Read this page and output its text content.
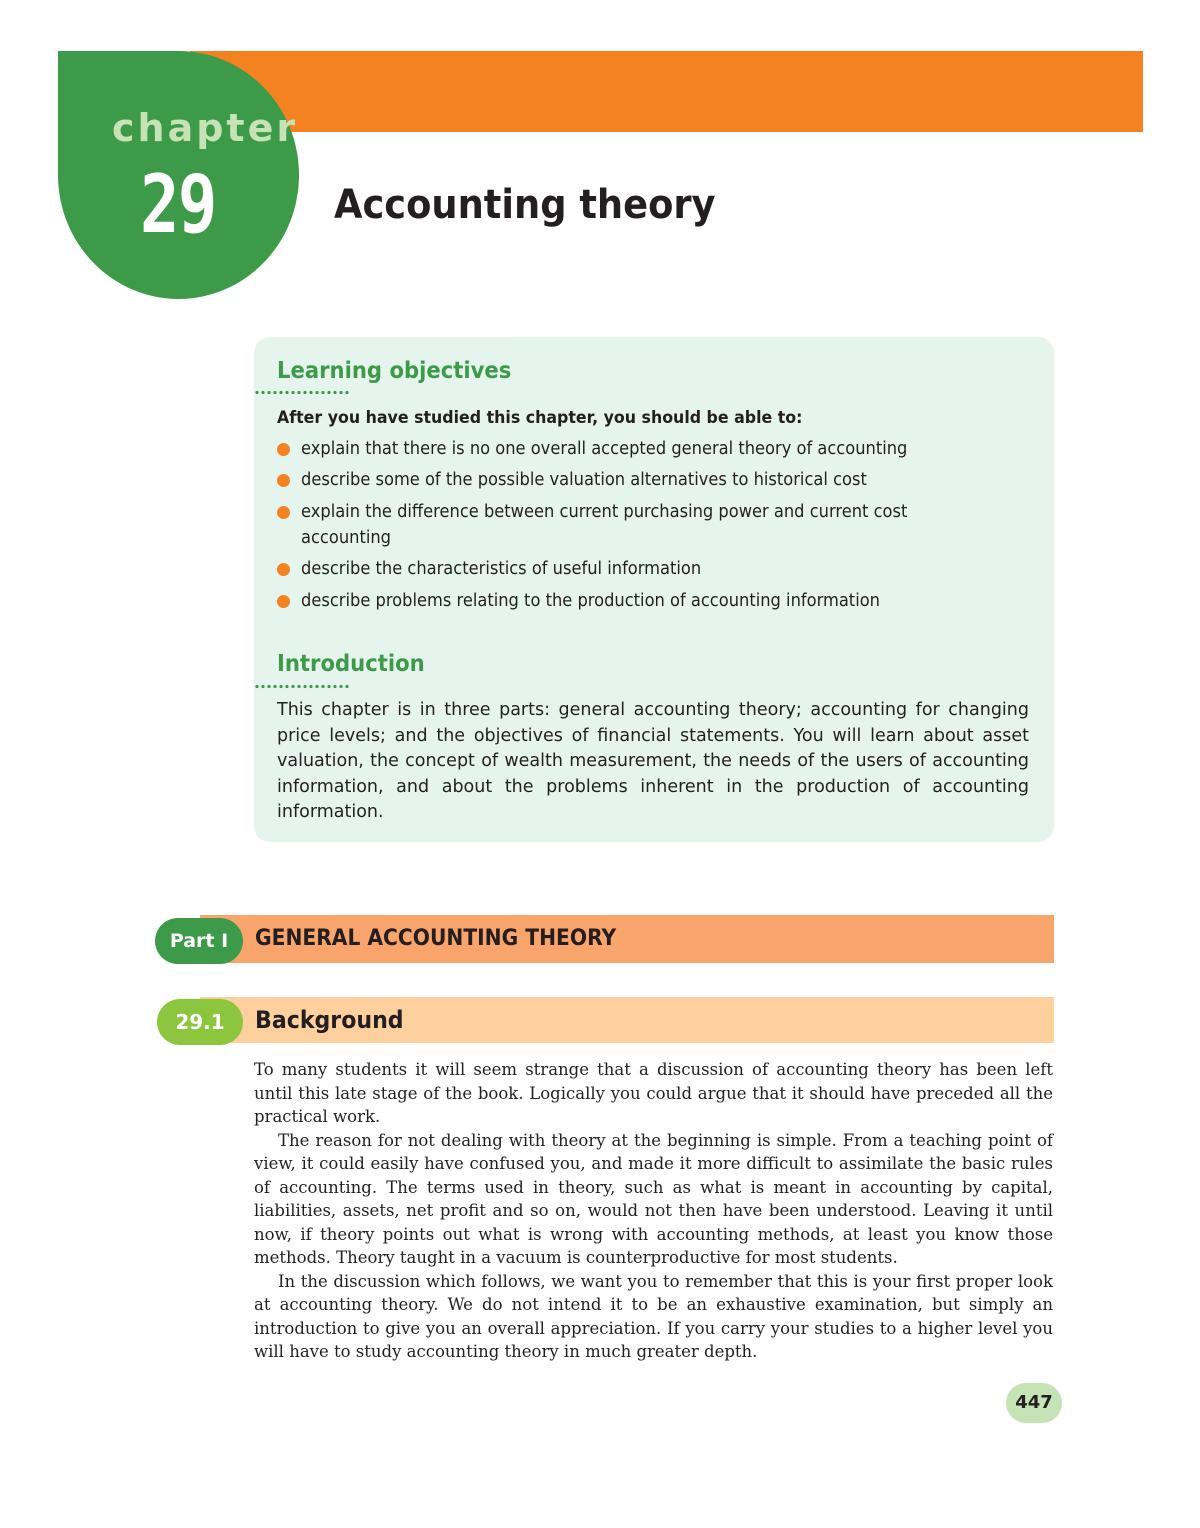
chapter
29	Accounting theory
Learning objectives
After you have studied this chapter, you should be able to:
explain that there is no one overall accepted general theory of accounting
describe some of the possible valuation alternatives to historical cost
explain the difference between current purchasing power and current cost accounting
describe the characteristics of useful information
describe problems relating to the production of accounting information
Introduction
This chapter is in three parts: general accounting theory; accounting for changing price levels; and the objectives of financial statements. You will learn about asset valuation, the concept of wealth measurement, the needs of the users of accounting information, and about the problems inherent in the production of accounting information.
Part I	GENERAL ACCOUNTING THEORY
29.1	Background

To many students it will seem strange that a discussion of accounting theory has been left until this late stage of the book. Logically you could argue that it should have preceded all the practical work.

The reason for not dealing with theory at the beginning is simple. From a teaching point of view, it could easily have confused you, and made it more difficult to assimilate the basic rules of accounting. The terms used in theory, such as what is meant in accounting by capital, liabilities, assets, net profit and so on, would not then have been understood. Leaving it until now, if theory points out what is wrong with accounting methods, at least you know those methods. Theory taught in a vacuum is counterproductive for most students.

In the discussion which follows, we want you to remember that this is your first proper look at accounting theory. We do not intend it to be an exhaustive examination, but simply an introduction to give you an overall appreciation. If you carry your studies to a higher level you will have to study accounting theory in much greater depth.

447
